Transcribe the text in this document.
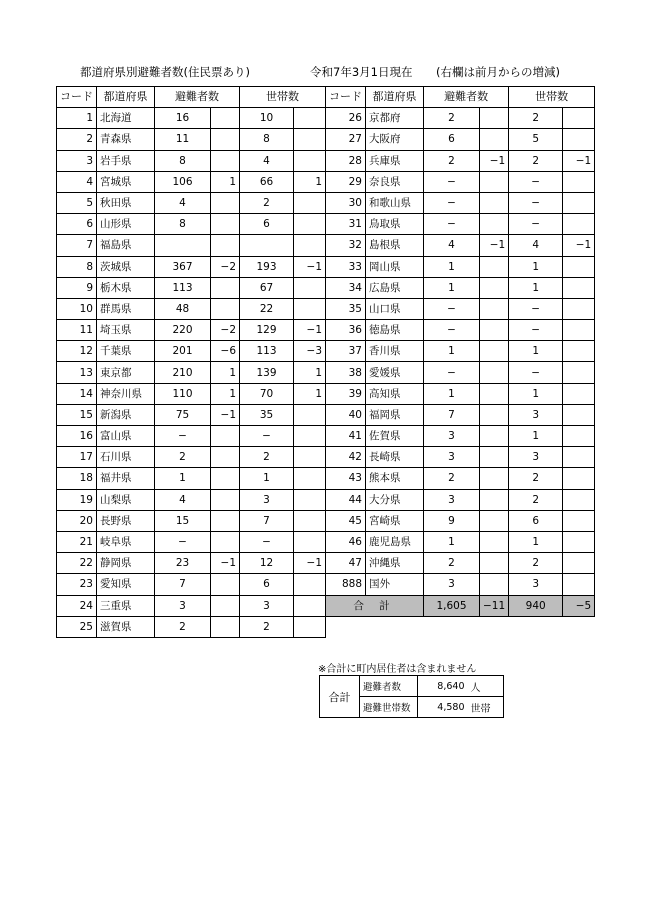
都道府県別避難者数(住民票あり)	令和7年3月1日現在 (右欄は前月からの増減)
コード	都道府県	避難者数		世帯数		コード	都道府県	避難者数		世帯数	
1	北海道	16		10		26	京都府	2		2	
2	青森県	11		8		27	大阪府	6		5	
3	岩手県	8		4		28	兵庫県	2	−1	2	−1
4	宮城県	106	1	66	1	29	奈良県	−		−	
5	秋田県	4		2		30	和歌山県	−		−	
6	山形県	8		6		31	鳥取県	−		−	
7	福島県					32	島根県	4	−1	4	−1
8	茨城県	367	−2	193	−1	33	岡山県	1		1	
9	栃木県	113		67		34	広島県	1		1	
10	群馬県	48		22		35	山口県	−		−	
11	埼玉県	220	−2	129	−1	36	徳島県	−		−	
12	千葉県	201	−6	113	−3	37	香川県	1		1	
13	東京都	210	1	139	1	38	愛媛県	−		−	
14	神奈川県	110	1	70	1	39	高知県	1		1	
15	新潟県	75	−1	35		40	福岡県	7		3	
16	富山県	−		−		41	佐賀県	3		1	
17	石川県	2		2		42	長崎県	3		3	
18	福井県	1		1		43	熊本県	2		2	
19	山梨県	4		3		44	大分県	3		2	
20	長野県	15		7		45	宮崎県	9		6	
21	岐阜県	−		−		46	鹿児島県	1		1	
22	静岡県	23	−1	12	−1	47	沖縄県	2		2	
23	愛知県	7		6		888	国外	3		3	
24	三重県	3		3		合 計		1,605	−11	940	−5
25	滋賀県	2		2							
※合計に町内居住者は含まれません
合計	避難者数	8,640	人
	避難世帯数	4,580	世帯
